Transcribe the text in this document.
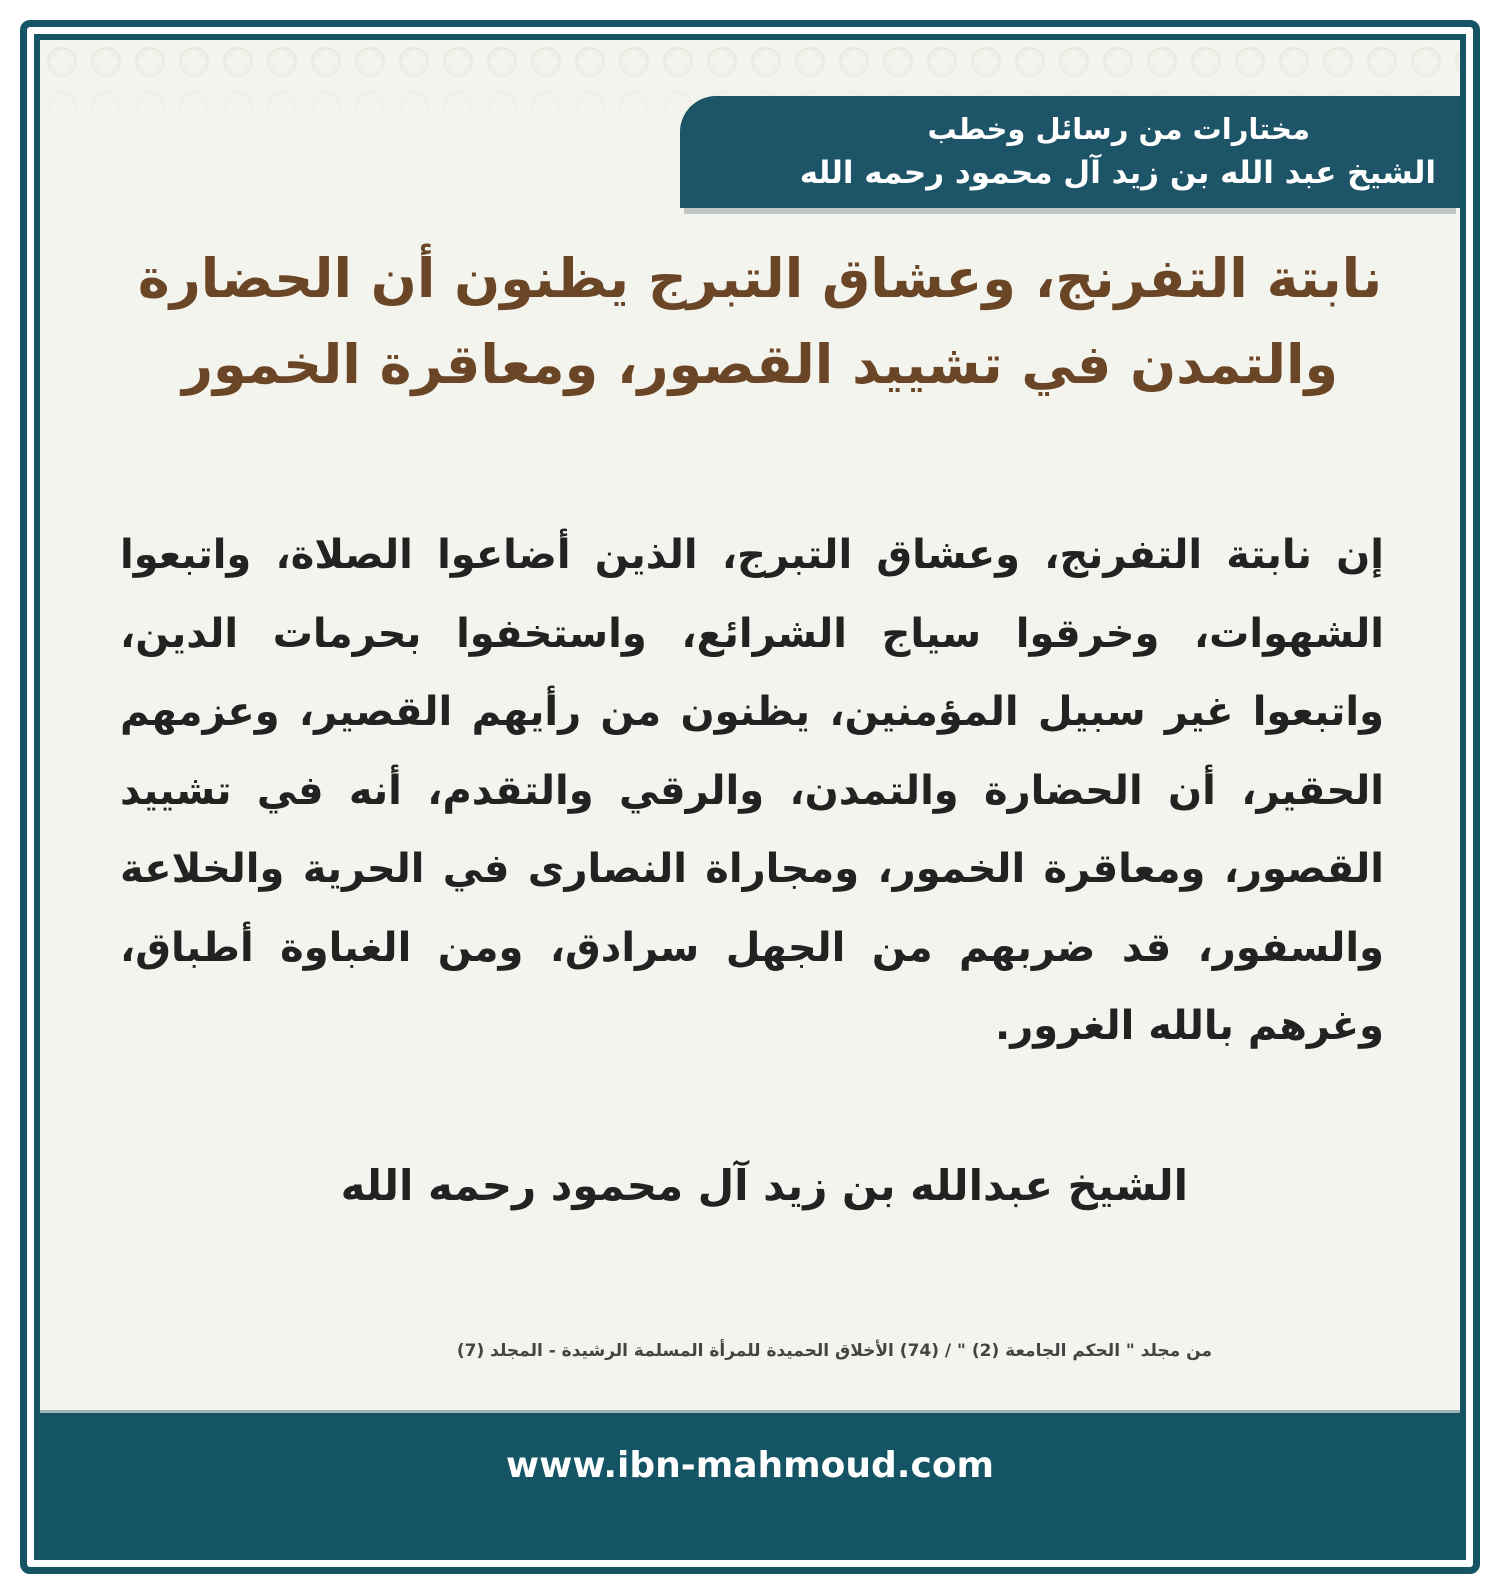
مختارات من رسائل وخطب
الشيخ عبد الله بن زيد آل محمود رحمه الله
نابتة التفرنج، وعشاق التبرج يظنون أن الحضارة والتمدن في تشييد القصور، ومعاقرة الخمور

إن نابتة التفرنج، وعشاق التبرج، الذين أضاعوا الصلاة، واتبعوا الشهوات، وخرقوا سياج الشرائع، واستخفوا بحرمات الدين، واتبعوا غير سبيل المؤمنين، يظنون من رأيهم القصير، وعزمهم الحقير، أن الحضارة والتمدن، والرقي والتقدم، أنه في تشييد القصور، ومعاقرة الخمور، ومجاراة النصارى في الحرية والخلاعة والسفور، قد ضربهم من الجهل سرادق، ومن الغباوة أطباق، وغرهم بالله الغرور.

الشيخ عبدالله بن زيد آل محمود رحمه الله
من مجلد " الحكم الجامعة (2) " / (74) الأخلاق الحميدة للمرأة المسلمة الرشيدة - المجلد (7)
www.ibn-mahmoud.com
